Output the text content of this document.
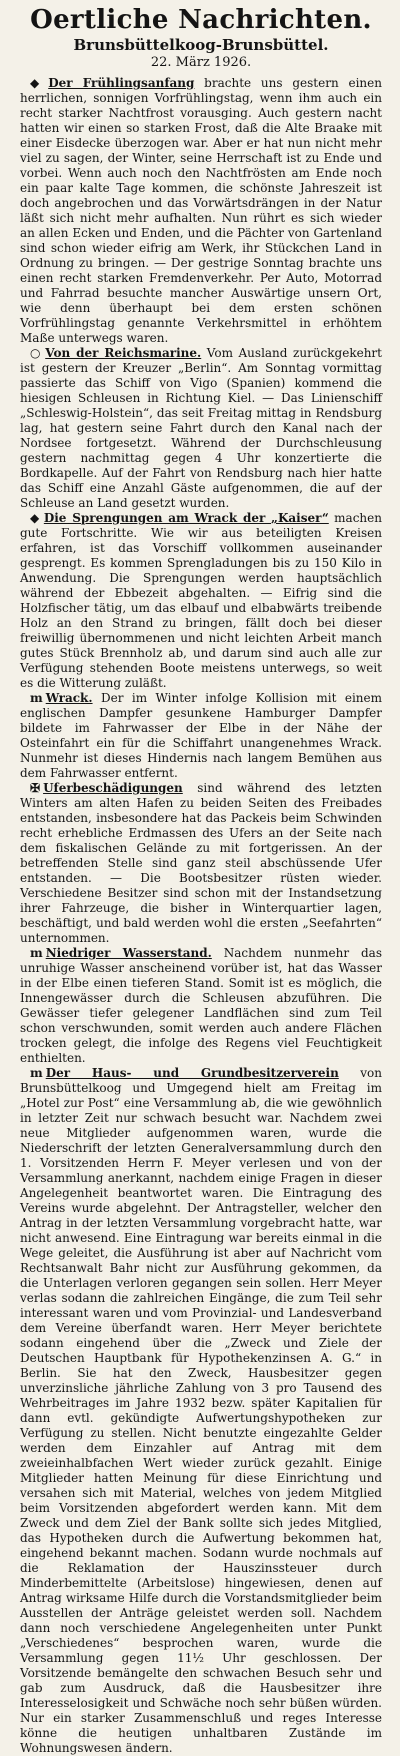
Oertliche Nachrichten.
Brunsbüttelkoog-Brunsbüttel.
22. März 1926.

◆ Der Frühlingsanfang brachte uns gestern einen herrlichen, sonnigen Vorfrühlingstag, wenn ihm auch ein recht starker Nachtfrost vorausging. Auch gestern nacht hatten wir einen so starken Frost, daß die Alte Braake mit einer Eisdecke überzogen war. Aber er hat nun nicht mehr viel zu sagen, der Winter, seine Herrschaft ist zu Ende und vorbei. Wenn auch noch den Nachtfrösten am Ende noch ein paar kalte Tage kommen, die schönste Jahreszeit ist doch angebrochen und das Vorwärtsdrängen in der Natur läßt sich nicht mehr aufhalten. Nun rührt es sich wieder an allen Ecken und Enden, und die Pächter von Gartenland sind schon wieder eifrig am Werk, ihr Stückchen Land in Ordnung zu bringen. — Der gestrige Sonntag brachte uns einen recht starken Fremdenverkehr. Per Auto, Motorrad und Fahrrad besuchte mancher Auswärtige unsern Ort, wie denn überhaupt bei dem ersten schönen Vorfrühlingstag genannte Verkehrsmittel in erhöhtem Maße unterwegs waren.

○ Von der Reichsmarine. Vom Ausland zurückgekehrt ist gestern der Kreuzer „Berlin“. Am Sonntag vormittag passierte das Schiff von Vigo (Spanien) kommend die hiesigen Schleusen in Richtung Kiel. — Das Linienschiff „Schleswig-Holstein“, das seit Freitag mittag in Rendsburg lag, hat gestern seine Fahrt durch den Kanal nach der Nordsee fortgesetzt. Während der Durchschleusung gestern nachmittag gegen 4 Uhr konzertierte die Bordkapelle. Auf der Fahrt von Rendsburg nach hier hatte das Schiff eine Anzahl Gäste aufgenommen, die auf der Schleuse an Land gesetzt wurden.

◆ Die Sprengungen am Wrack der „Kaiser“ machen gute Fortschritte. Wie wir aus beteiligten Kreisen erfahren, ist das Vorschiff vollkommen auseinander gesprengt. Es kommen Sprengladungen bis zu 150 Kilo in Anwendung. Die Sprengungen werden hauptsächlich während der Ebbezeit abgehalten. — Eifrig sind die Holzfischer tätig, um das elbauf und elbabwärts treibende Holz an den Strand zu bringen, fällt doch bei dieser freiwillig übernommenen und nicht leichten Arbeit manch gutes Stück Brennholz ab, und darum sind auch alle zur Verfügung stehenden Boote meistens unterwegs, so weit es die Witterung zuläßt.

m Wrack. Der im Winter infolge Kollision mit einem englischen Dampfer gesunkene Hamburger Dampfer bildete im Fahrwasser der Elbe in der Nähe der Osteinfahrt ein für die Schiffahrt unangenehmes Wrack. Nunmehr ist dieses Hindernis nach langem Bemühen aus dem Fahrwasser entfernt.

✠ Uferbeschädigungen sind während des letzten Winters am alten Hafen zu beiden Seiten des Freibades entstanden, insbesondere hat das Packeis beim Schwinden recht erhebliche Erdmassen des Ufers an der Seite nach dem fiskalischen Gelände zu mit fortgerissen. An der betreffenden Stelle sind ganz steil abschüssende Ufer entstanden. — Die Bootsbesitzer rüsten wieder. Verschiedene Besitzer sind schon mit der Instandsetzung ihrer Fahrzeuge, die bisher in Winterquartier lagen, beschäftigt, und bald werden wohl die ersten „Seefahrten“ unternommen.

m Niedriger Wasserstand. Nachdem nunmehr das unruhige Wasser anscheinend vorüber ist, hat das Wasser in der Elbe einen tieferen Stand. Somit ist es möglich, die Innengewässer durch die Schleusen abzuführen. Die Gewässer tiefer gelegener Landflächen sind zum Teil schon verschwunden, somit werden auch andere Flächen trocken gelegt, die infolge des Regens viel Feuchtigkeit enthielten.

m Der Haus- und Grundbesitzerverein von Brunsbüttelkoog und Umgegend hielt am Freitag im „Hotel zur Post“ eine Versammlung ab, die wie gewöhnlich in letzter Zeit nur schwach besucht war. Nachdem zwei neue Mitglieder aufgenommen waren, wurde die Niederschrift der letzten Generalversammlung durch den 1. Vorsitzenden Herrn F. Meyer verlesen und von der Versammlung anerkannt, nachdem einige Fragen in dieser Angelegenheit beantwortet waren. Die Eintragung des Vereins wurde abgelehnt. Der Antragsteller, welcher den Antrag in der letzten Versammlung vorgebracht hatte, war nicht anwesend. Eine Eintragung war bereits einmal in die Wege geleitet, die Ausführung ist aber auf Nachricht vom Rechtsanwalt Bahr nicht zur Ausführung gekommen, da die Unterlagen verloren gegangen sein sollen. Herr Meyer verlas sodann die zahlreichen Eingänge, die zum Teil sehr interessant waren und vom Provinzial- und Landesverband dem Vereine überfandt waren. Herr Meyer berichtete sodann eingehend über die „Zweck und Ziele der Deutschen Hauptbank für Hypothekenzinsen A. G.“ in Berlin. Sie hat den Zweck, Hausbesitzer gegen unverzinsliche jährliche Zahlung von 3 pro Tausend des Wehrbeitrages im Jahre 1932 bezw. später Kapitalien für dann evtl. gekündigte Aufwertungshypotheken zur Verfügung zu stellen. Nicht benutzte eingezahlte Gelder werden dem Einzahler auf Antrag mit dem zweieinhalbfachen Wert wieder zurück gezahlt. Einige Mitglieder hatten Meinung für diese Einrichtung und versahen sich mit Material, welches von jedem Mitglied beim Vorsitzenden abgefordert werden kann. Mit dem Zweck und dem Ziel der Bank sollte sich jedes Mitglied, das Hypotheken durch die Aufwertung bekommen hat, eingehend bekannt machen. Sodann wurde nochmals auf die Reklamation der Hauszinssteuer durch Minderbemittelte (Arbeitslose) hingewiesen, denen auf Antrag wirksame Hilfe durch die Vorstandsmitglieder beim Ausstellen der Anträge geleistet werden soll. Nachdem dann noch verschiedene Angelegenheiten unter Punkt „Verschiedenes“ besprochen waren, wurde die Versammlung gegen 11½ Uhr geschlossen. Der Vorsitzende bemängelte den schwachen Besuch sehr und gab zum Ausdruck, daß die Hausbesitzer ihre Interesselosigkeit und Schwäche noch sehr büßen würden. Nur ein starker Zusammenschluß und reges Interesse könne die heutigen unhaltbaren Zustände im Wohnungswesen ändern.
